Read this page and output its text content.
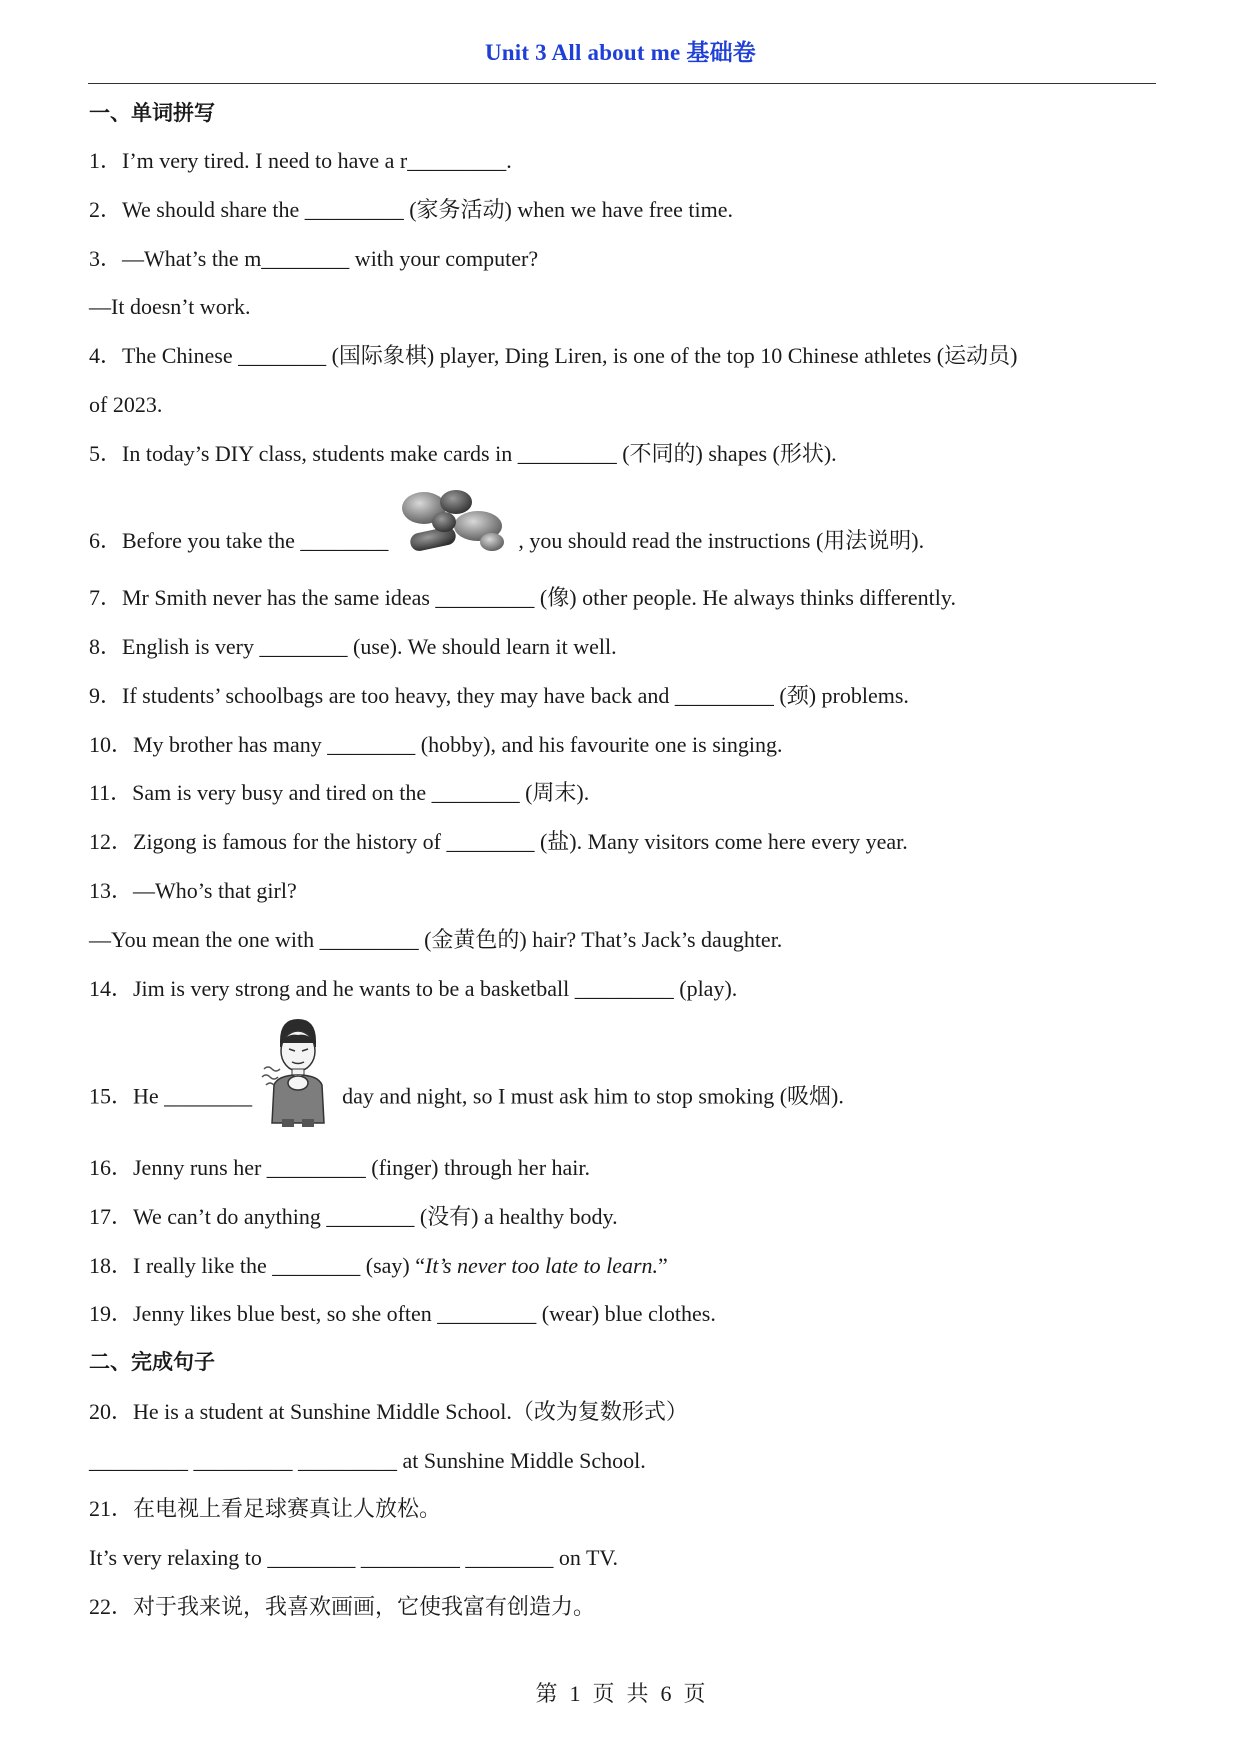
Unit 3 All about me 基础卷
一、单词拼写
1．I’m very tired. I need to have a r_________.
2．We should share the _________ (家务活动) when we have free time.
3．—What’s the m________ with your computer?
—It doesn’t work.
4．The Chinese ________ (国际象棋) player, Ding Liren, is one of the top 10 Chinese athletes (运动员)
of 2023.
5．In today’s DIY class, students make cards in _________ (不同的) shapes (形状).
6．Before you take the ________	, you should read the instructions (用法说明).
7．Mr Smith never has the same ideas _________ (像) other people. He always thinks differently.
8．English is very ________ (use). We should learn it well.
9．If students’ schoolbags are too heavy, they may have back and _________ (颈) problems.
10．My brother has many ________ (hobby), and his favourite one is singing.
11．Sam is very busy and tired on the ________ (周末).
12．Zigong is famous for the history of ________ (盐). Many visitors come here every year.
13．—Who’s that girl?
—You mean the one with _________ (金黄色的) hair? That’s Jack’s daughter.
14．Jim is very strong and he wants to be a basketball _________ (play).
15．He ________	day and night, so I must ask him to stop smoking (吸烟).
16．Jenny runs her _________ (finger) through her hair.
17．We can’t do anything ________ (没有) a healthy body.
18．I really like the ________ (say) “It’s never too late to learn.”
19．Jenny likes blue best, so she often _________ (wear) blue clothes.
二、完成句子
20．He is a student at Sunshine Middle School.（改为复数形式）
_________ _________ _________ at Sunshine Middle School.
21．在电视上看足球赛真让人放松。
It’s very relaxing to ________ _________ ________ on TV.
22．对于我来说，我喜欢画画，它使我富有创造力。
第 1 页 共 6 页
